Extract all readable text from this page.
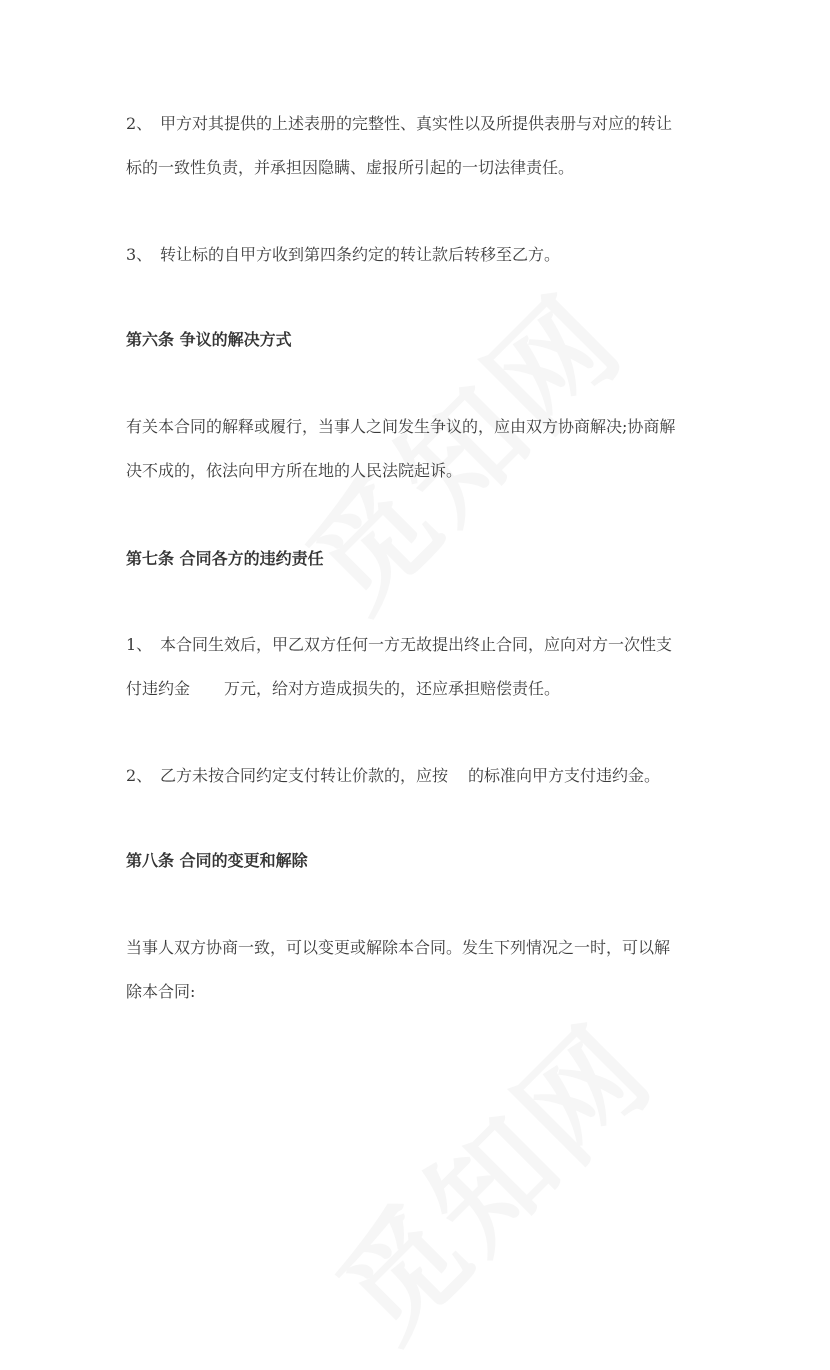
2、 甲方对其提供的上述表册的完整性、真实性以及所提供表册与对应的转让
标的一致性负责，并承担因隐瞒、虚报所引起的一切法律责任。

3、 转让标的自甲方收到第四条约定的转让款后转移至乙方。

第六条 争议的解决方式

有关本合同的解释或履行，当事人之间发生争议的，应由双方协商解决;协商解
决不成的，依法向甲方所在地的人民法院起诉。

第七条 合同各方的违约责任

1、 本合同生效后，甲乙双方任何一方无故提出终止合同，应向对方一次性支
付违约金 万元，给对方造成损失的，还应承担赔偿责任。

2、 乙方未按合同约定支付转让价款的，应按 的标准向甲方支付违约金。

第八条 合同的变更和解除

当事人双方协商一致，可以变更或解除本合同。发生下列情况之一时，可以解
除本合同:
